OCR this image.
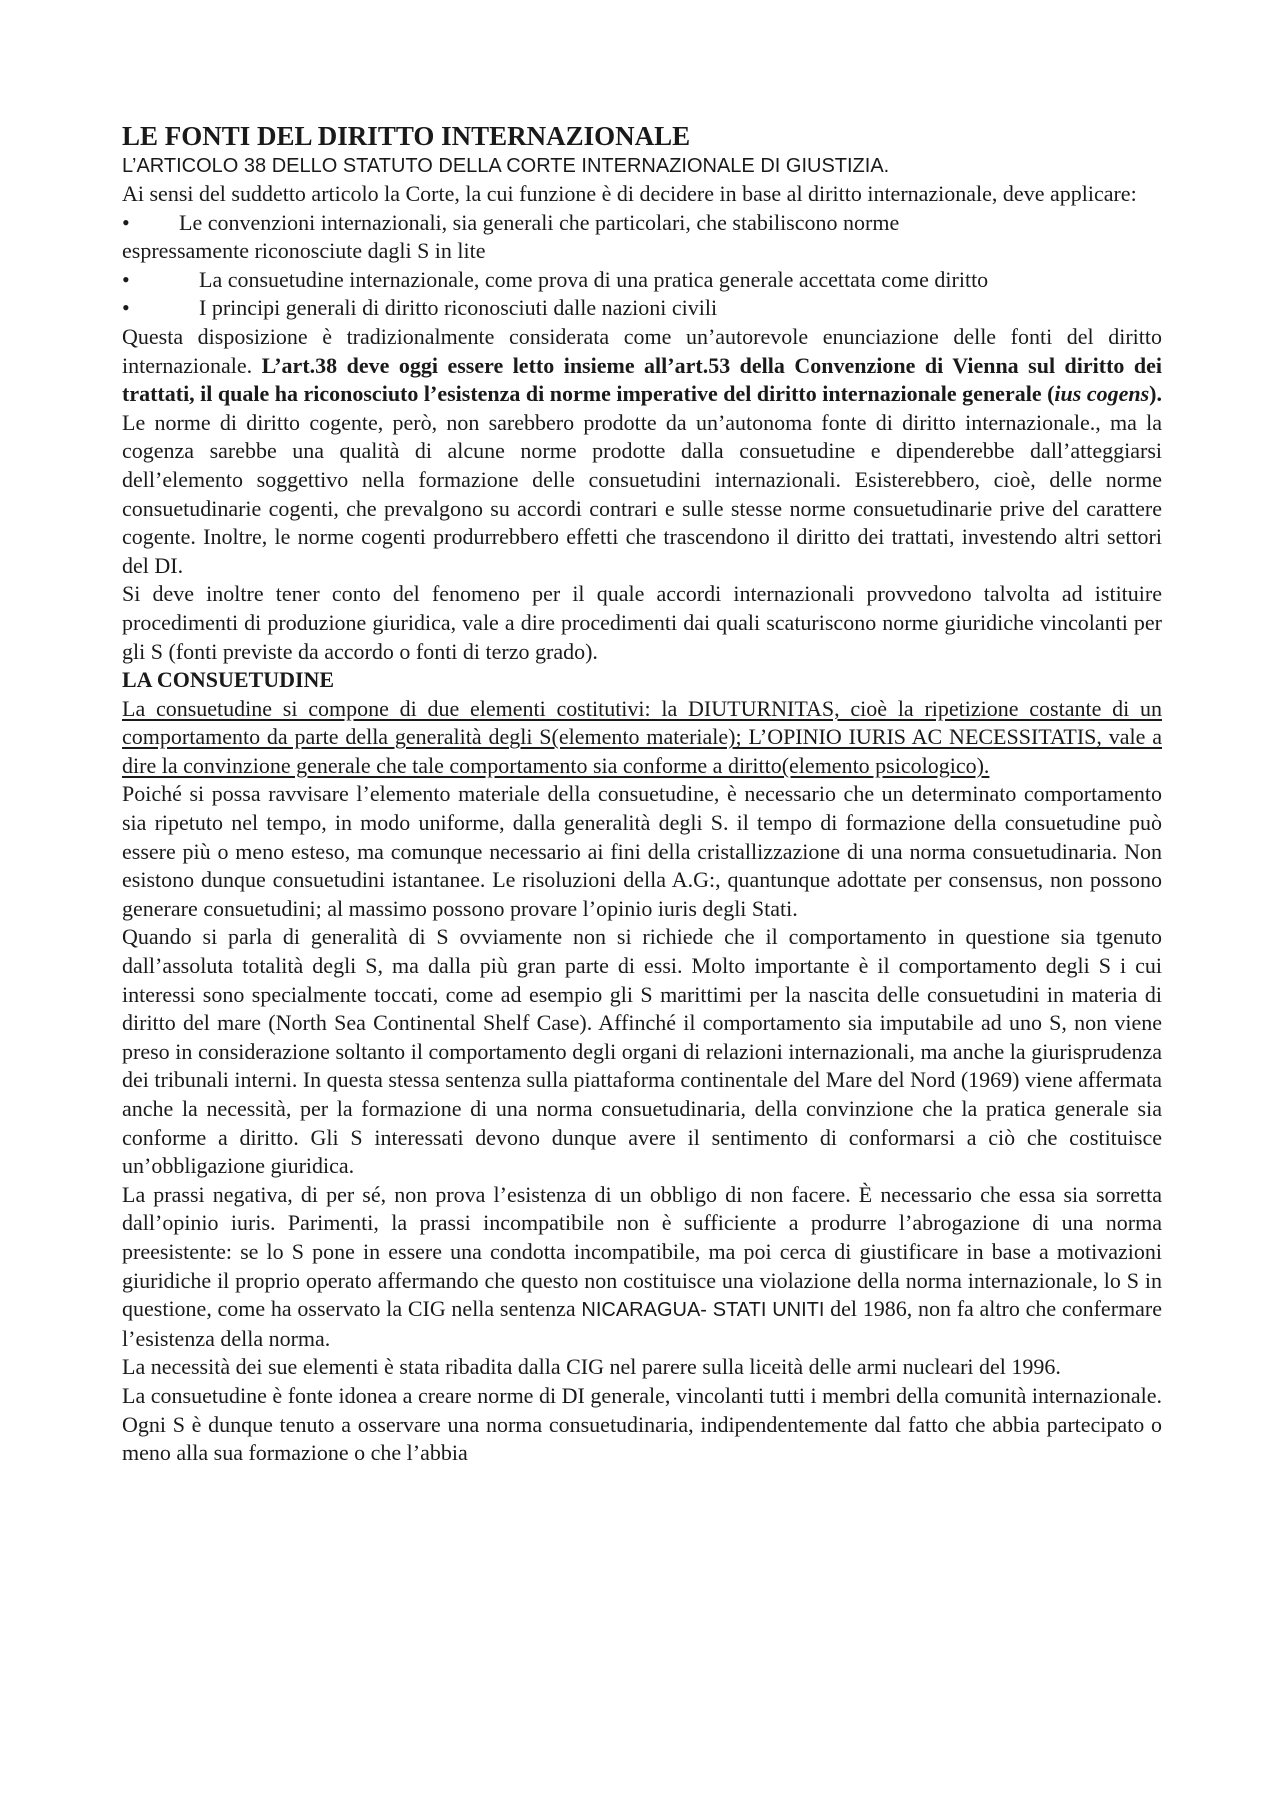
LE FONTI DEL DIRITTO INTERNAZIONALE

L’ARTICOLO 38 DELLO STATUTO DELLA CORTE INTERNAZIONALE DI GIUSTIZIA.

Ai sensi del suddetto articolo la Corte, la cui funzione è di decidere in base al diritto internazionale, deve applicare:

• Le convenzioni internazionali, sia generali che particolari, che stabiliscono norme
espressamente riconosciute dagli S in lite
•	La consuetudine internazionale, come prova di una pratica generale accettata come diritto
•	I principi generali di diritto riconosciuti dalle nazioni civili

Questa disposizione è tradizionalmente considerata come un’autorevole enunciazione delle fonti del diritto internazionale. L’art.38 deve oggi essere letto insieme all’art.53 della Convenzione di Vienna sul diritto dei trattati, il quale ha riconosciuto l’esistenza di norme imperative del diritto internazionale generale (ius cogens). Le norme di diritto cogente, però, non sarebbero prodotte da un’autonoma fonte di diritto internazionale., ma la cogenza sarebbe una qualità di alcune norme prodotte dalla consuetudine e dipenderebbe dall’atteggiarsi dell’elemento soggettivo nella formazione delle consuetudini internazionali. Esisterebbero, cioè, delle norme consuetudinarie cogenti, che prevalgono su accordi contrari e sulle stesse norme consuetudinarie prive del carattere cogente. Inoltre, le norme cogenti produrrebbero effetti che trascendono il diritto dei trattati, investendo altri settori del DI.

Si deve inoltre tener conto del fenomeno per il quale accordi internazionali provvedono talvolta ad istituire procedimenti di produzione giuridica, vale a dire procedimenti dai quali scaturiscono norme giuridiche vincolanti per gli S (fonti previste da accordo o fonti di terzo grado).

LA CONSUETUDINE

La consuetudine si compone di due elementi costitutivi: la DIUTURNITAS, cioè la ripetizione costante di un comportamento da parte della generalità degli S(elemento materiale); L’OPINIO IURIS AC NECESSITATIS, vale a dire la convinzione generale che tale comportamento sia conforme a diritto(elemento psicologico).

Poiché si possa ravvisare l’elemento materiale della consuetudine, è necessario che un determinato comportamento sia ripetuto nel tempo, in modo uniforme, dalla generalità degli S. il tempo di formazione della consuetudine può essere più o meno esteso, ma comunque necessario ai fini della cristallizzazione di una norma consuetudinaria. Non esistono dunque consuetudini istantanee. Le risoluzioni della A.G:, quantunque adottate per consensus, non possono generare consuetudini; al massimo possono provare l’opinio iuris degli Stati.

Quando si parla di generalità di S ovviamente non si richiede che il comportamento in questione sia tgenuto dall’assoluta totalità degli S, ma dalla più gran parte di essi. Molto importante è il comportamento degli S i cui interessi sono specialmente toccati, come ad esempio gli S marittimi per la nascita delle consuetudini in materia di diritto del mare (North Sea Continental Shelf Case). Affinché il comportamento sia imputabile ad uno S, non viene preso in considerazione soltanto il comportamento degli organi di relazioni internazionali, ma anche la giurisprudenza dei tribunali interni. In questa stessa sentenza sulla piattaforma continentale del Mare del Nord (1969) viene affermata anche la necessità, per la formazione di una norma consuetudinaria, della convinzione che la pratica generale sia conforme a diritto. Gli S interessati devono dunque avere il sentimento di conformarsi a ciò che costituisce un’obbligazione giuridica.

La prassi negativa, di per sé, non prova l’esistenza di un obbligo di non facere. È necessario che essa sia sorretta dall’opinio iuris. Parimenti, la prassi incompatibile non è sufficiente a produrre l’abrogazione di una norma preesistente: se lo S pone in essere una condotta incompatibile, ma poi cerca di giustificare in base a motivazioni giuridiche il proprio operato affermando che questo non costituisce una violazione della norma internazionale, lo S in questione, come ha osservato la CIG nella sentenza NICARAGUA- STATI UNITI del 1986, non fa altro che confermare l’esistenza della norma.

La necessità dei sue elementi è stata ribadita dalla CIG nel parere sulla liceità delle armi nucleari del 1996.

La consuetudine è fonte idonea a creare norme di DI generale, vincolanti tutti i membri della comunità internazionale. Ogni S è dunque tenuto a osservare una norma consuetudinaria, indipendentemente dal fatto che abbia partecipato o meno alla sua formazione o che l’abbia
